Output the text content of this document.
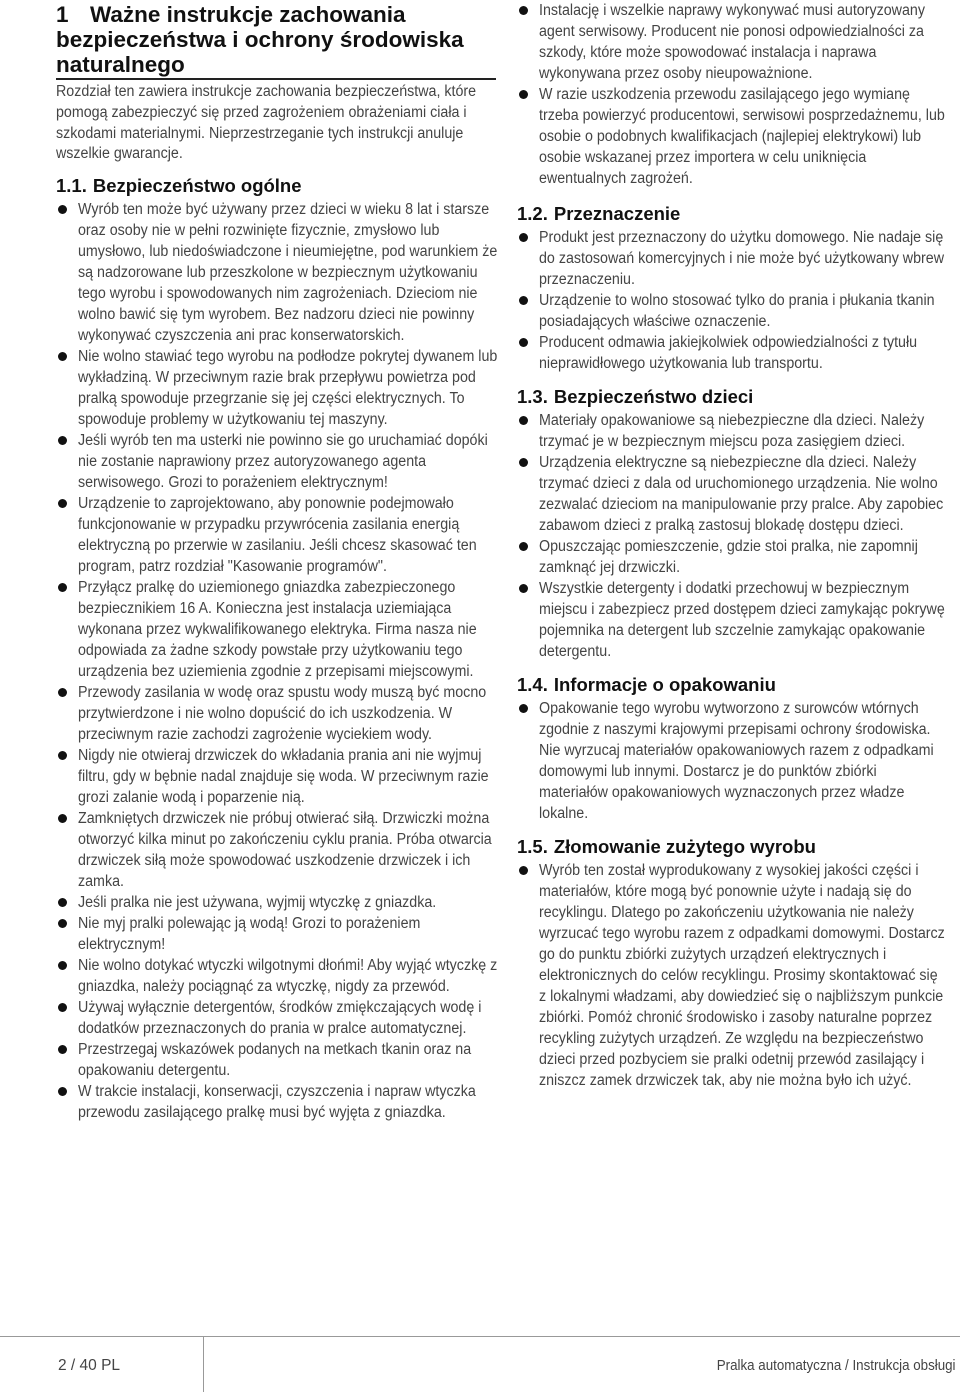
1 Ważne instrukcje zachowania bezpieczeństwa i ochrony środowiska naturalnego

Rozdział ten zawiera instrukcje zachowania bezpieczeństwa, które pomogą zabezpieczyć się przed zagrożeniem obrażeniami ciała i szkodami materialnymi. Nieprzestrzeganie tych instrukcji anuluje wszelkie gwarancje.

1.1. Bezpieczeństwo ogólne
Wyrób ten może być używany przez dzieci w wieku 8 lat i starsze oraz osoby nie w pełni rozwinięte fizycznie, zmysłowo lub umysłowo, lub niedoświadczone i nieumiejętne, pod warunkiem że są nadzorowane lub przeszkolone w bezpiecznym użytkowaniu tego wyrobu i spowodowanych nim zagrożeniach. Dzieciom nie wolno bawić się tym wyrobem. Bez nadzoru dzieci nie powinny wykonywać czyszczenia ani prac konserwatorskich.
Nie wolno stawiać tego wyrobu na podłodze pokrytej dywanem lub wykładziną. W przeciwnym razie brak przepływu powietrza pod pralką spowoduje przegrzanie się jej części elektrycznych. To spowoduje problemy w użytkowaniu tej maszyny.
Jeśli wyrób ten ma usterki nie powinno sie go uruchamiać dopóki nie zostanie naprawiony przez autoryzowanego agenta serwisowego. Grozi to porażeniem elektrycznym!
Urządzenie to zaprojektowano, aby ponownie podejmowało funkcjonowanie w przypadku przywrócenia zasilania energią elektryczną po przerwie w zasilaniu. Jeśli chcesz skasować ten program, patrz rozdział "Kasowanie programów".
Przyłącz pralkę do uziemionego gniazdka zabezpieczonego bezpiecznikiem 16 A. Konieczna jest instalacja uziemiająca wykonana przez wykwalifikowanego elektryka. Firma nasza nie odpowiada za żadne szkody powstałe przy użytkowaniu tego urządzenia bez uziemienia zgodnie z przepisami miejscowymi.
Przewody zasilania w wodę oraz spustu wody muszą być mocno przytwierdzone i nie wolno dopuścić do ich uszkodzenia. W przeciwnym razie zachodzi zagrożenie wyciekiem wody.
Nigdy nie otwieraj drzwiczek do wkładania prania ani nie wyjmuj filtru, gdy w bębnie nadal znajduje się woda. W przeciwnym razie grozi zalanie wodą i poparzenie nią.
Zamkniętych drzwiczek nie próbuj otwierać siłą. Drzwiczki można otworzyć kilka minut po zakończeniu cyklu prania. Próba otwarcia drzwiczek siłą może spowodować uszkodzenie drzwiczek i ich zamka.
Jeśli pralka nie jest używana, wyjmij wtyczkę z gniazdka.
Nie myj pralki polewając ją wodą! Grozi to porażeniem elektrycznym!
Nie wolno dotykać wtyczki wilgotnymi dłońmi! Aby wyjąć wtyczkę z gniazdka, należy pociągnąć za wtyczkę, nigdy za przewód.
Używaj wyłącznie detergentów, środków zmiękczających wodę i dodatków przeznaczonych do prania w pralce automatycznej.
Przestrzegaj wskazówek podanych na metkach tkanin oraz na opakowaniu detergentu.
W trakcie instalacji, konserwacji, czyszczenia i napraw wtyczka przewodu zasilającego pralkę musi być wyjęta z gniazdka.
Instalację i wszelkie naprawy wykonywać musi autoryzowany agent serwisowy. Producent nie ponosi odpowiedzialności za szkody, które może spowodować instalacja i naprawa wykonywana przez osoby nieupoważnione.
W razie uszkodzenia przewodu zasilającego jego wymianę trzeba powierzyć producentowi, serwisowi posprzedażnemu, lub osobie o podobnych kwalifikacjach (najlepiej elektrykowi) lub osobie wskazanej przez importera w celu uniknięcia ewentualnych zagrożeń.
1.2. Przeznaczenie
Produkt jest przeznaczony do użytku domowego. Nie nadaje się do zastosowań komercyjnych i nie może być użytkowany wbrew przeznaczeniu.
Urządzenie to wolno stosować tylko do prania i płukania tkanin posiadających właściwe oznaczenie.
Producent odmawia jakiejkolwiek odpowiedzialności z tytułu nieprawidłowego użytkowania lub transportu.
1.3. Bezpieczeństwo dzieci
Materiały opakowaniowe są niebezpieczne dla dzieci. Należy trzymać je w bezpiecznym miejscu poza zasięgiem dzieci.
Urządzenia elektryczne są niebezpieczne dla dzieci. Należy trzymać dzieci z dala od uruchomionego urządzenia. Nie wolno zezwalać dzieciom na manipulowanie przy pralce. Aby zapobiec zabawom dzieci z pralką zastosuj blokadę dostępu dzieci.
Opuszczając pomieszczenie, gdzie stoi pralka, nie zapomnij zamknąć jej drzwiczki.
Wszystkie detergenty i dodatki przechowuj w bezpiecznym miejscu i zabezpiecz przed dostępem dzieci zamykając pokrywę pojemnika na detergent lub szczelnie zamykając opakowanie detergentu.
1.4. Informacje o opakowaniu
Opakowanie tego wyrobu wytworzono z surowców wtórnych zgodnie z naszymi krajowymi przepisami ochrony środowiska. Nie wyrzucaj materiałów opakowaniowych razem z odpadkami domowymi lub innymi. Dostarcz je do punktów zbiórki materiałów opakowaniowych wyznaczonych przez władze lokalne.
1.5. Złomowanie zużytego wyrobu
Wyrób ten został wyprodukowany z wysokiej jakości części i materiałów, które mogą być ponownie użyte i nadają się do recyklingu. Dlatego po zakończeniu użytkowania nie należy wyrzucać tego wyrobu razem z odpadkami domowymi. Dostarcz go do punktu zbiórki zużytych urządzeń elektrycznych i elektronicznych do celów recyklingu. Prosimy skontaktować się z lokalnymi władzami, aby dowiedzieć się o najbliższym punkcie zbiórki. Pomóż chronić środowisko i zasoby naturalne poprzez recykling zużytych urządzeń. Ze względu na bezpieczeństwo dzieci przed pozbyciem sie pralki odetnij przewód zasilający i zniszcz zamek drzwiczek tak, aby nie można było ich użyć.
2 / 40 PL	Pralka automatyczna / Instrukcja obsługi
